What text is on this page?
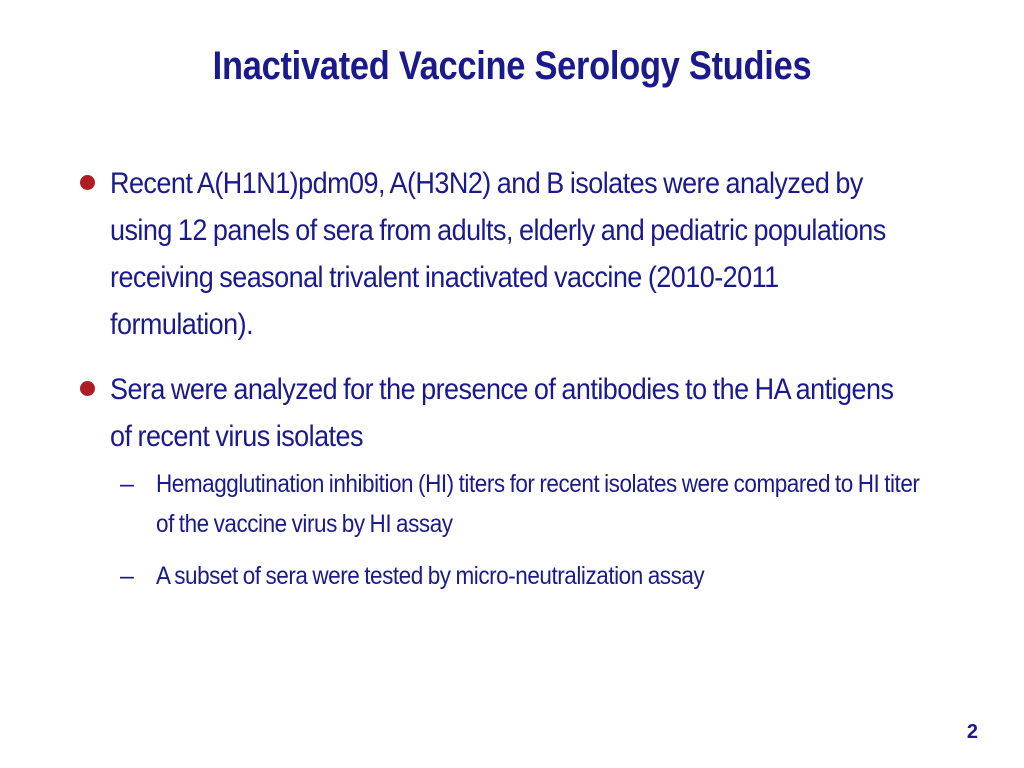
Inactivated Vaccine Serology Studies
Recent A(H1N1)pdm09, A(H3N2) and B isolates were analyzed by using 12 panels of sera from adults, elderly and pediatric populations receiving seasonal trivalent inactivated vaccine (2010-2011 formulation).
Sera were analyzed for the presence of antibodies to the HA antigens of recent virus isolates
– Hemagglutination inhibition (HI) titers for recent isolates were compared to HI titer of the vaccine virus by HI assay
– A subset of sera were tested by micro-neutralization assay
2
